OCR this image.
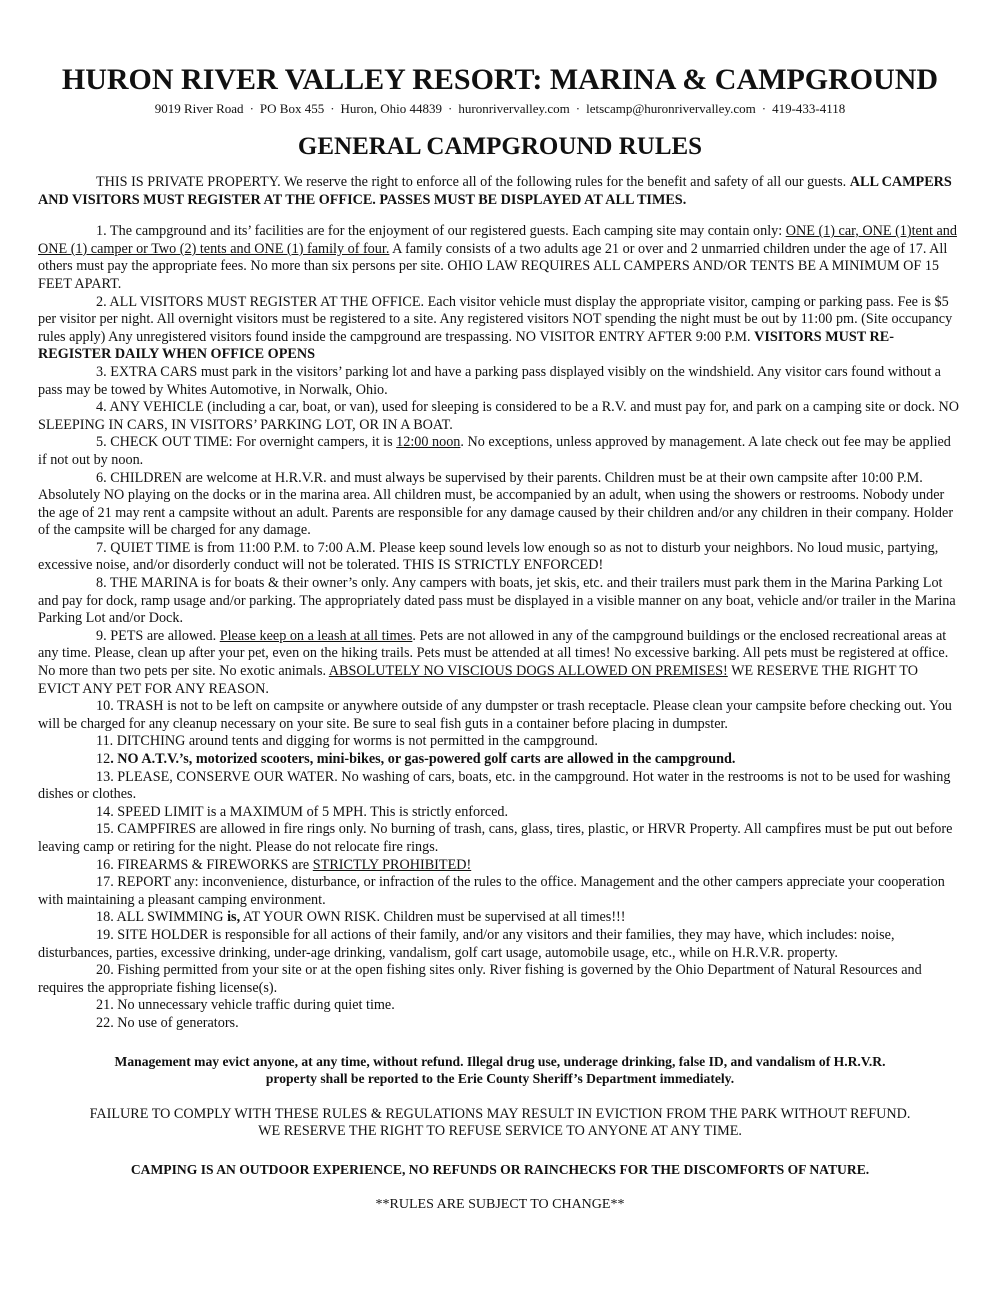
HURON RIVER VALLEY RESORT: MARINA & CAMPGROUND
9019 River Road · PO Box 455 · Huron, Ohio 44839 · huronrivervalley.com · letscamp@huronrivervalley.com · 419-433-4118
GENERAL CAMPGROUND RULES

THIS IS PRIVATE PROPERTY. We reserve the right to enforce all of the following rules for the benefit and safety of all our guests. ALL CAMPERS AND VISITORS MUST REGISTER AT THE OFFICE. PASSES MUST BE DISPLAYED AT ALL TIMES.

1. The campground and its’ facilities are for the enjoyment of our registered guests. Each camping site may contain only: ONE (1) car, ONE (1)tent and ONE (1) camper or Two (2) tents and ONE (1) family of four. A family consists of a two adults age 21 or over and 2 unmarried children under the age of 17. All others must pay the appropriate fees. No more than six persons per site. OHIO LAW REQUIRES ALL CAMPERS AND/OR TENTS BE A MINIMUM OF 15 FEET APART.

2. ALL VISITORS MUST REGISTER AT THE OFFICE. Each visitor vehicle must display the appropriate visitor, camping or parking pass. Fee is $5 per visitor per night. All overnight visitors must be registered to a site. Any registered visitors NOT spending the night must be out by 11:00 pm. (Site occupancy rules apply) Any unregistered visitors found inside the campground are trespassing. NO VISITOR ENTRY AFTER 9:00 P.M. VISITORS MUST RE- REGISTER DAILY WHEN OFFICE OPENS

3. EXTRA CARS must park in the visitors’ parking lot and have a parking pass displayed visibly on the windshield. Any visitor cars found without a pass may be towed by Whites Automotive, in Norwalk, Ohio.

4. ANY VEHICLE (including a car, boat, or van), used for sleeping is considered to be a R.V. and must pay for, and park on a camping site or dock. NO SLEEPING IN CARS, IN VISITORS’ PARKING LOT, OR IN A BOAT.

5. CHECK OUT TIME: For overnight campers, it is 12:00 noon. No exceptions, unless approved by management. A late check out fee may be applied if not out by noon.

6. CHILDREN are welcome at H.R.V.R. and must always be supervised by their parents. Children must be at their own campsite after 10:00 P.M. Absolutely NO playing on the docks or in the marina area. All children must, be accompanied by an adult, when using the showers or restrooms. Nobody under the age of 21 may rent a campsite without an adult. Parents are responsible for any damage caused by their children and/or any children in their company. Holder of the campsite will be charged for any damage.

7. QUIET TIME is from 11:00 P.M. to 7:00 A.M. Please keep sound levels low enough so as not to disturb your neighbors. No loud music, partying, excessive noise, and/or disorderly conduct will not be tolerated. THIS IS STRICTLY ENFORCED!

8. THE MARINA is for boats & their owner’s only. Any campers with boats, jet skis, etc. and their trailers must park them in the Marina Parking Lot and pay for dock, ramp usage and/or parking. The appropriately dated pass must be displayed in a visible manner on any boat, vehicle and/or trailer in the Marina Parking Lot and/or Dock.

9. PETS are allowed. Please keep on a leash at all times. Pets are not allowed in any of the campground buildings or the enclosed recreational areas at any time. Please, clean up after your pet, even on the hiking trails. Pets must be attended at all times! No excessive barking. All pets must be registered at office. No more than two pets per site. No exotic animals. ABSOLUTELY NO VISCIOUS DOGS ALLOWED ON PREMISES! WE RESERVE THE RIGHT TO EVICT ANY PET FOR ANY REASON.

10. TRASH is not to be left on campsite or anywhere outside of any dumpster or trash receptacle. Please clean your campsite before checking out. You will be charged for any cleanup necessary on your site. Be sure to seal fish guts in a container before placing in dumpster.

11. DITCHING around tents and digging for worms is not permitted in the campground.

12. NO A.T.V.’s, motorized scooters, mini-bikes, or gas-powered golf carts are allowed in the campground.

13. PLEASE, CONSERVE OUR WATER. No washing of cars, boats, etc. in the campground. Hot water in the restrooms is not to be used for washing dishes or clothes.

14. SPEED LIMIT is a MAXIMUM of 5 MPH. This is strictly enforced.

15. CAMPFIRES are allowed in fire rings only. No burning of trash, cans, glass, tires, plastic, or HRVR Property. All campfires must be put out before leaving camp or retiring for the night. Please do not relocate fire rings.

16. FIREARMS & FIREWORKS are STRICTLY PROHIBITED!

17. REPORT any: inconvenience, disturbance, or infraction of the rules to the office. Management and the other campers appreciate your cooperation with maintaining a pleasant camping environment.

18. ALL SWIMMING is, AT YOUR OWN RISK. Children must be supervised at all times!!!

19. SITE HOLDER is responsible for all actions of their family, and/or any visitors and their families, they may have, which includes: noise, disturbances, parties, excessive drinking, under-age drinking, vandalism, golf cart usage, automobile usage, etc., while on H.R.V.R. property.

20. Fishing permitted from your site or at the open fishing sites only. River fishing is governed by the Ohio Department of Natural Resources and requires the appropriate fishing license(s).

21. No unnecessary vehicle traffic during quiet time.

22. No use of generators.

Management may evict anyone, at any time, without refund. Illegal drug use, underage drinking, false ID, and vandalism of H.R.V.R.
property shall be reported to the Erie County Sheriff’s Department immediately.
FAILURE TO COMPLY WITH THESE RULES & REGULATIONS MAY RESULT IN EVICTION FROM THE PARK WITHOUT REFUND.
WE RESERVE THE RIGHT TO REFUSE SERVICE TO ANYONE AT ANY TIME.
CAMPING IS AN OUTDOOR EXPERIENCE, NO REFUNDS OR RAINCHECKS FOR THE DISCOMFORTS OF NATURE.
**RULES ARE SUBJECT TO CHANGE**
